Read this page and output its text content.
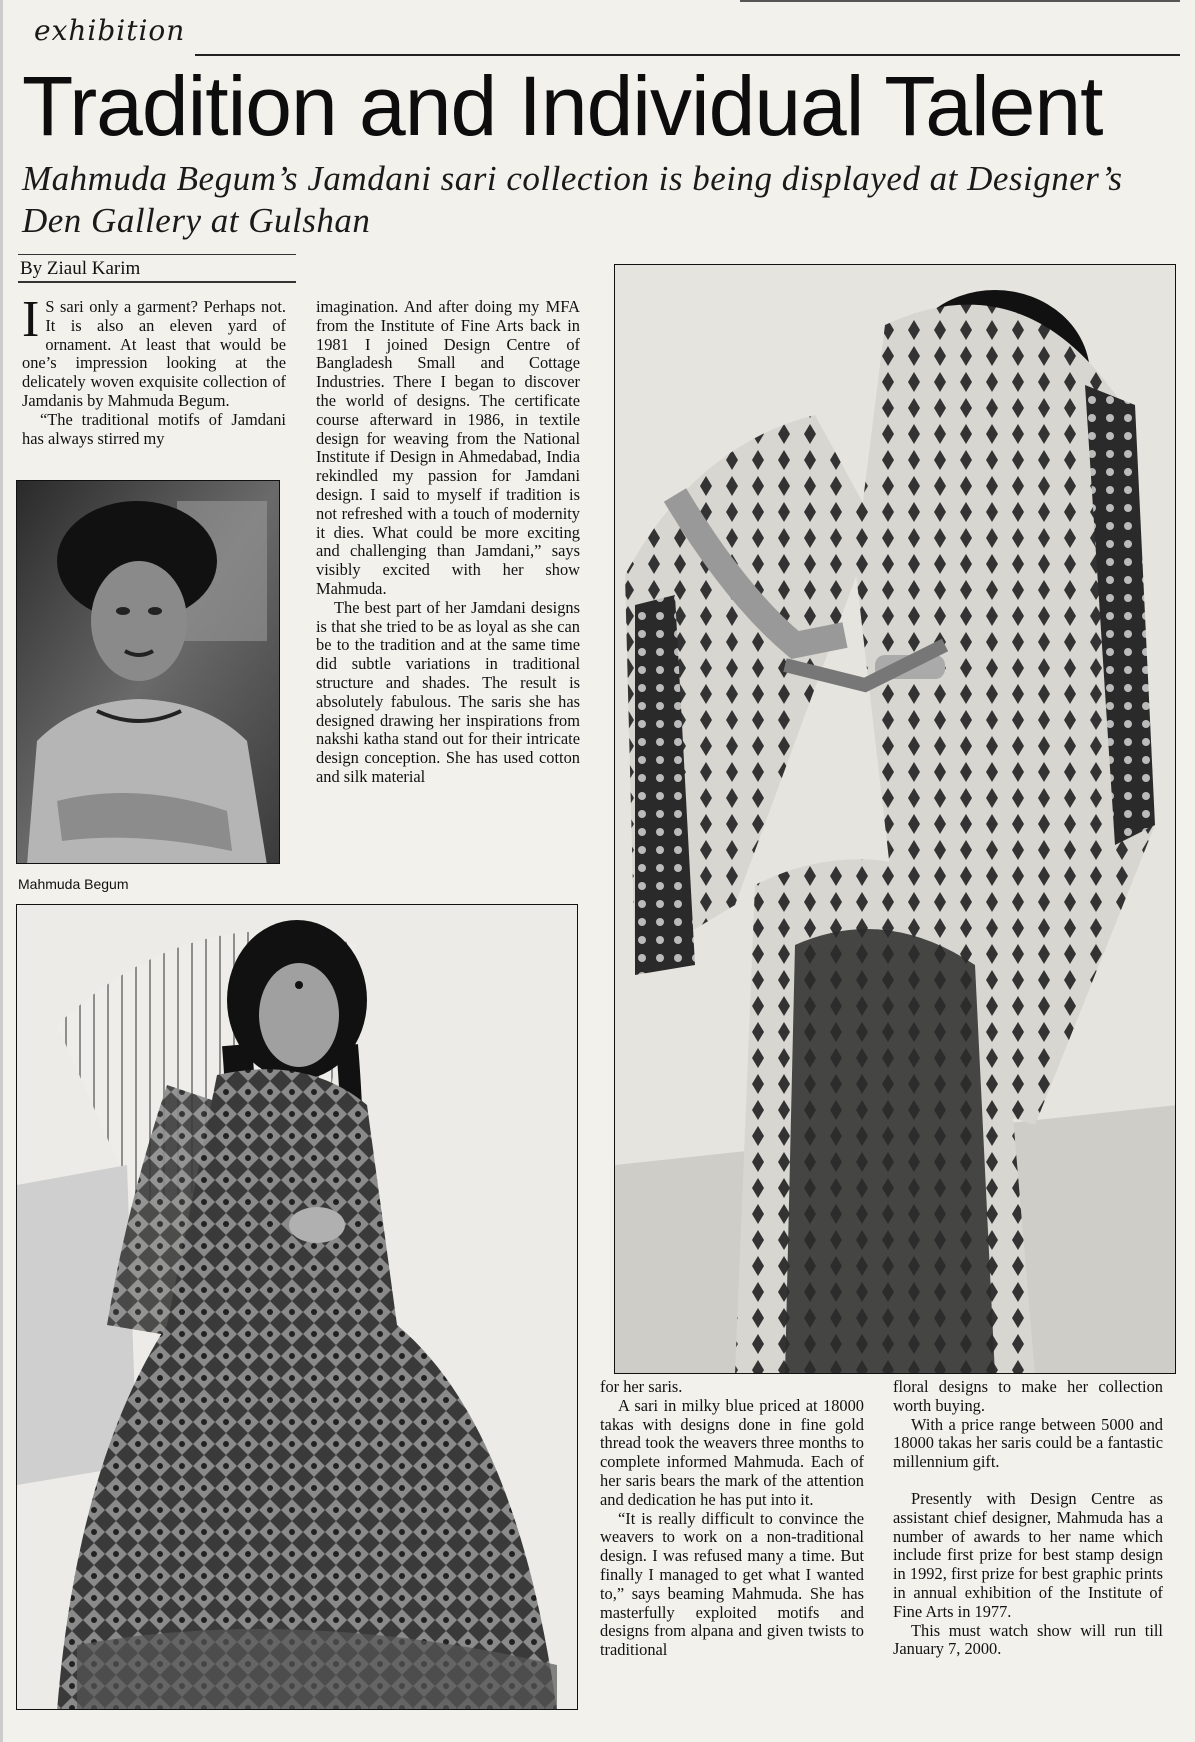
exhibition
Tradition and Individual Talent
Mahmuda Begum’s Jamdani sari collection is being displayed at Designer’s Den Gallery at Gulshan
By Ziaul Karim

I S sari only a garment? Perhaps not. It is also an eleven yard of ornament. At least that would be one’s impression looking at the delicately woven exquisite collection of Jamdanis by Mahmuda Begum.

“The traditional motifs of Jamdani has always stirred my

Mahmuda Begum

imagination. And after doing my MFA from the Institute of Fine Arts back in 1981 I joined Design Centre of Bangladesh Small and Cottage Industries. There I began to discover the world of designs. The certificate course afterward in 1986, in textile design for weaving from the National Institute if Design in Ahmedabad, India rekindled my passion for Jamdani design. I said to myself if tradition is not refreshed with a touch of modernity it dies. What could be more exciting and challenging than Jamdani,” says visibly excited with her show Mahmuda.

The best part of her Jamdani designs is that she tried to be as loyal as she can be to the tradition and at the same time did subtle variations in traditional structure and shades. The result is absolutely fabulous. The saris she has designed drawing her inspirations from nakshi katha stand out for their intricate design conception. She has used cotton and silk material

for her saris.

A sari in milky blue priced at 18000 takas with designs done in fine gold thread took the weavers three months to complete informed Mahmuda. Each of her saris bears the mark of the attention and dedication he has put into it.

“It is really difficult to convince the weavers to work on a non-traditional design. I was refused many a time. But finally I managed to get what I wanted to,” says beaming Mahmuda. She has masterfully exploited motifs and designs from alpana and given twists to traditional

floral designs to make her collection worth buying.

With a price range between 5000 and 18000 takas her saris could be a fantastic millennium gift.

Presently with Design Centre as assistant chief designer, Mahmuda has a number of awards to her name which include first prize for best stamp design in 1992, first prize for best graphic prints in annual exhibition of the Institute of Fine Arts in 1977.

This must watch show will run till January 7, 2000.
